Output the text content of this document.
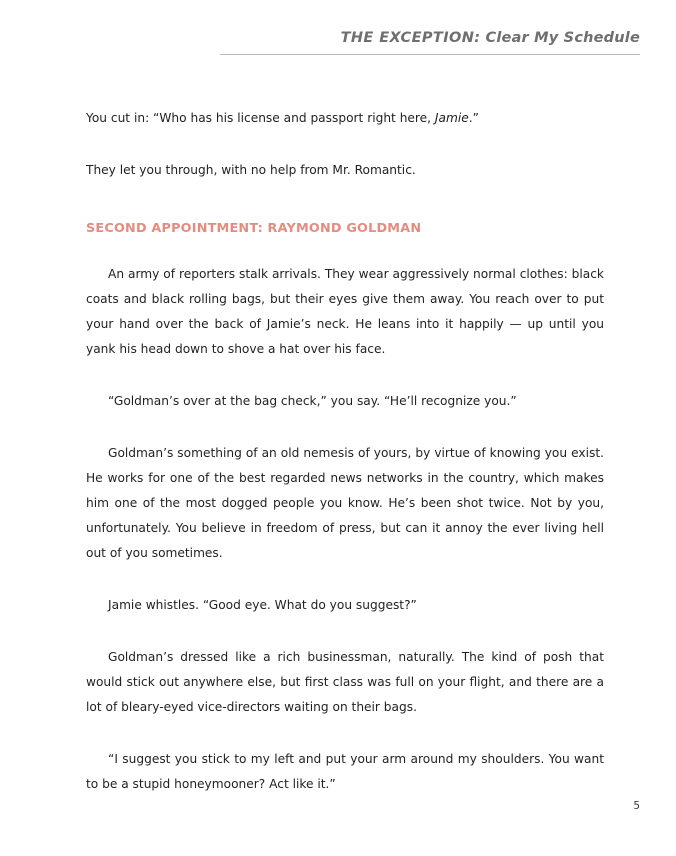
THE EXCEPTION: Clear My Schedule

You cut in: “Who has his license and passport right here, Jamie.”

They let you through, with no help from Mr. Romantic.

SECOND APPOINTMENT: RAYMOND GOLDMAN

An army of reporters stalk arrivals. They wear aggressively normal clothes: black coats and black rolling bags, but their eyes give them away. You reach over to put your hand over the back of Jamie’s neck. He leans into it happily — up until you yank his head down to shove a hat over his face.

“Goldman’s over at the bag check,” you say. “He’ll recognize you.”

Goldman’s something of an old nemesis of yours, by virtue of knowing you exist. He works for one of the best regarded news networks in the country, which makes him one of the most dogged people you know. He’s been shot twice. Not by you, unfortunately. You believe in freedom of press, but can it annoy the ever living hell out of you sometimes.

Jamie whistles. “Good eye. What do you suggest?”

Goldman’s dressed like a rich businessman, naturally. The kind of posh that would stick out anywhere else, but first class was full on your flight, and there are a lot of bleary-eyed vice-directors waiting on their bags.

“I suggest you stick to my left and put your arm around my shoulders. You want to be a stupid honeymooner? Act like it.”

5
